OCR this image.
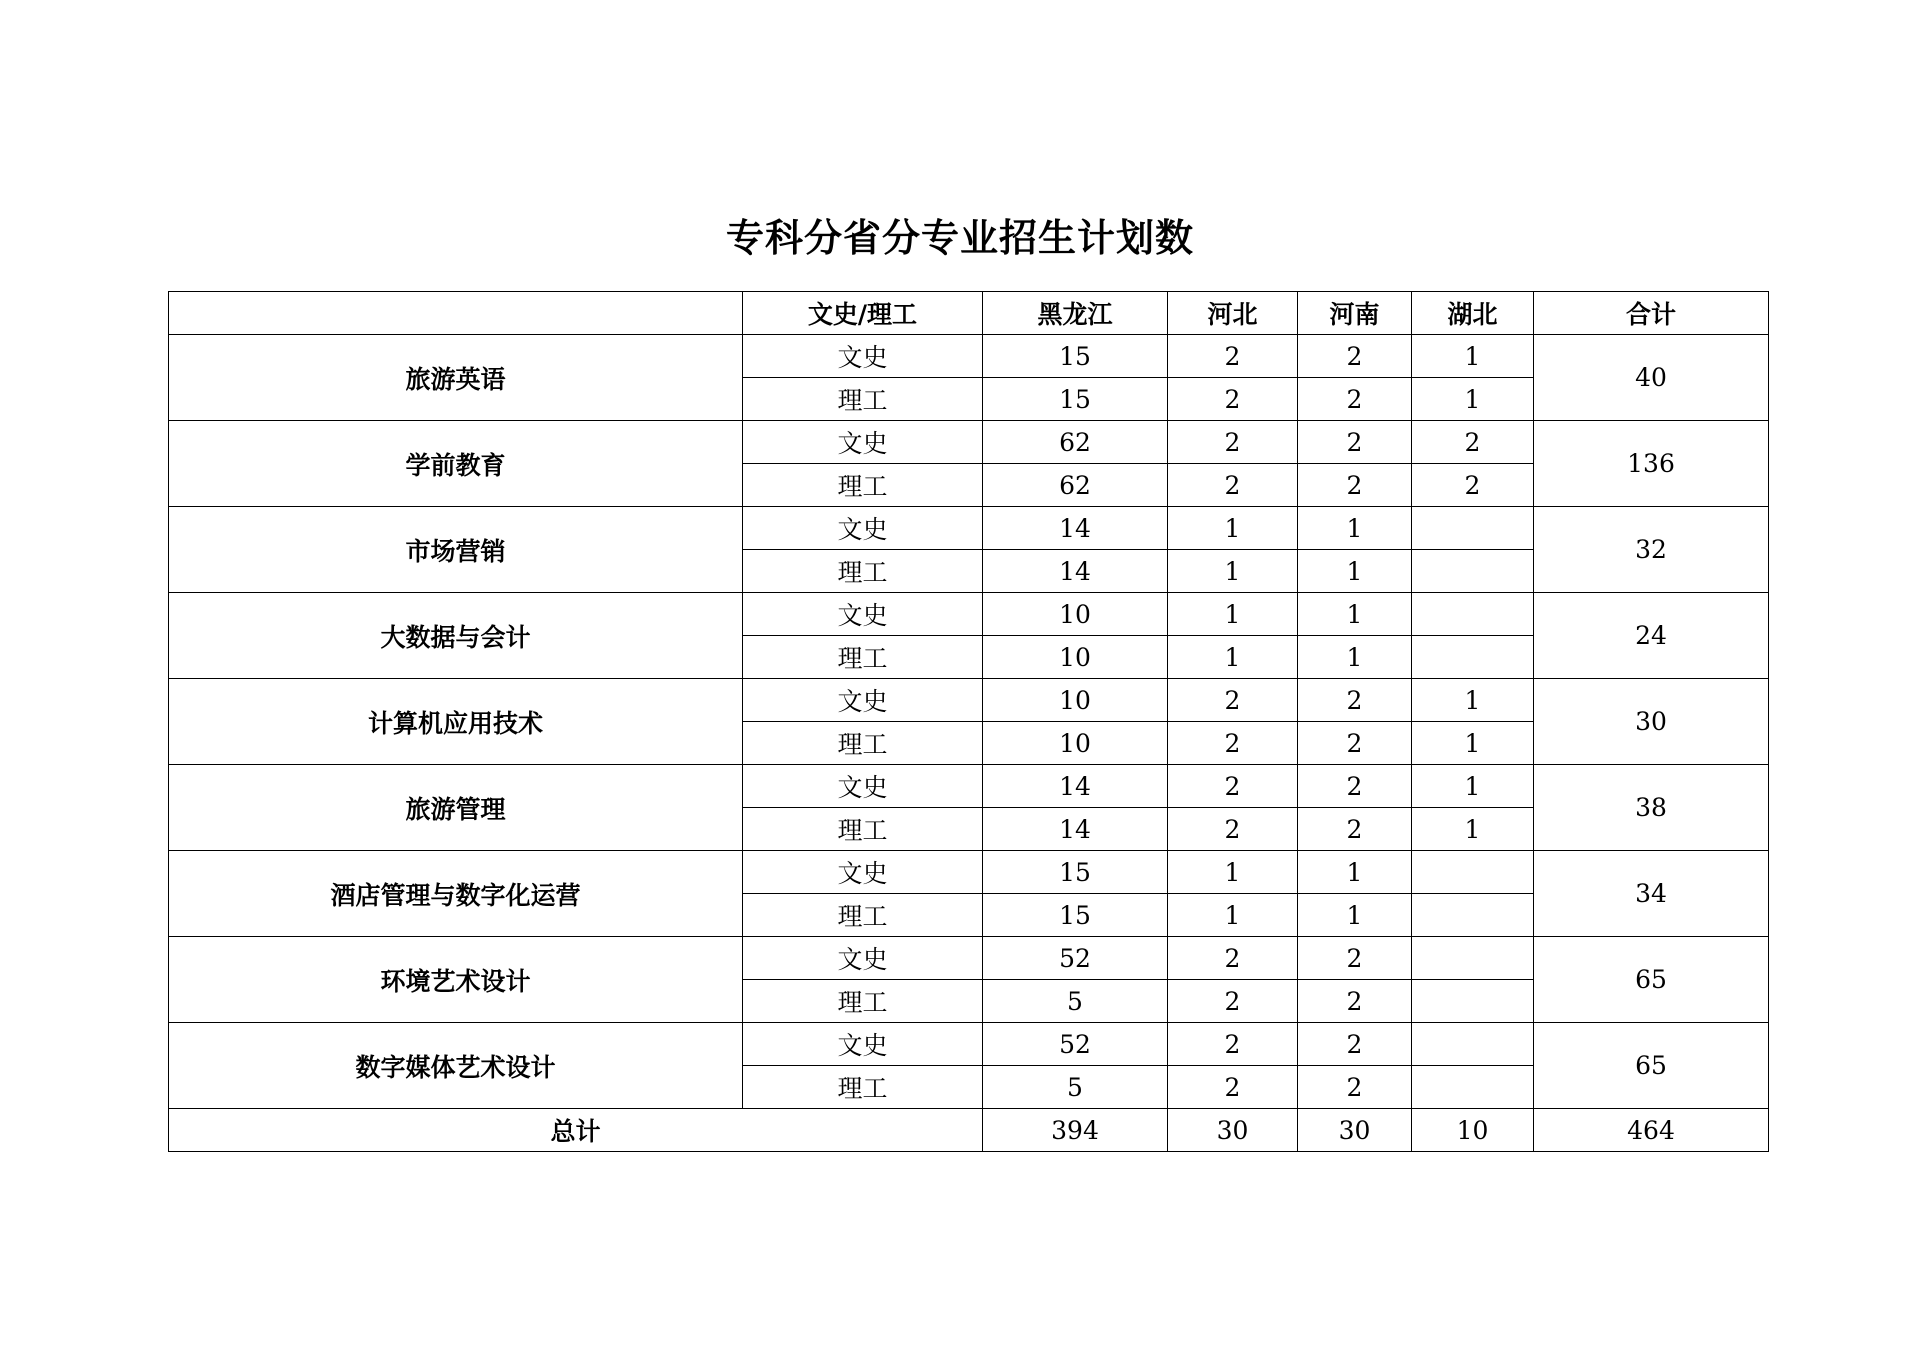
专科分省分专业招生计划数
	文史/理工	黑龙江	河北	河南	湖北	合计
旅游英语	文史	15	2	2	1	40
	理工	15	2	2	1	
学前教育	文史	62	2	2	2	136
	理工	62	2	2	2	
市场营销	文史	14	1	1		32
	理工	14	1	1		
大数据与会计	文史	10	1	1		24
	理工	10	1	1		
计算机应用技术	文史	10	2	2	1	30
	理工	10	2	2	1	
旅游管理	文史	14	2	2	1	38
	理工	14	2	2	1	
酒店管理与数字化运营	文史	15	1	1		34
	理工	15	1	1		
环境艺术设计	文史	52	2	2		65
	理工	5	2	2		
数字媒体艺术设计	文史	52	2	2		65
	理工	5	2	2		
总计		394	30	30	10	464
